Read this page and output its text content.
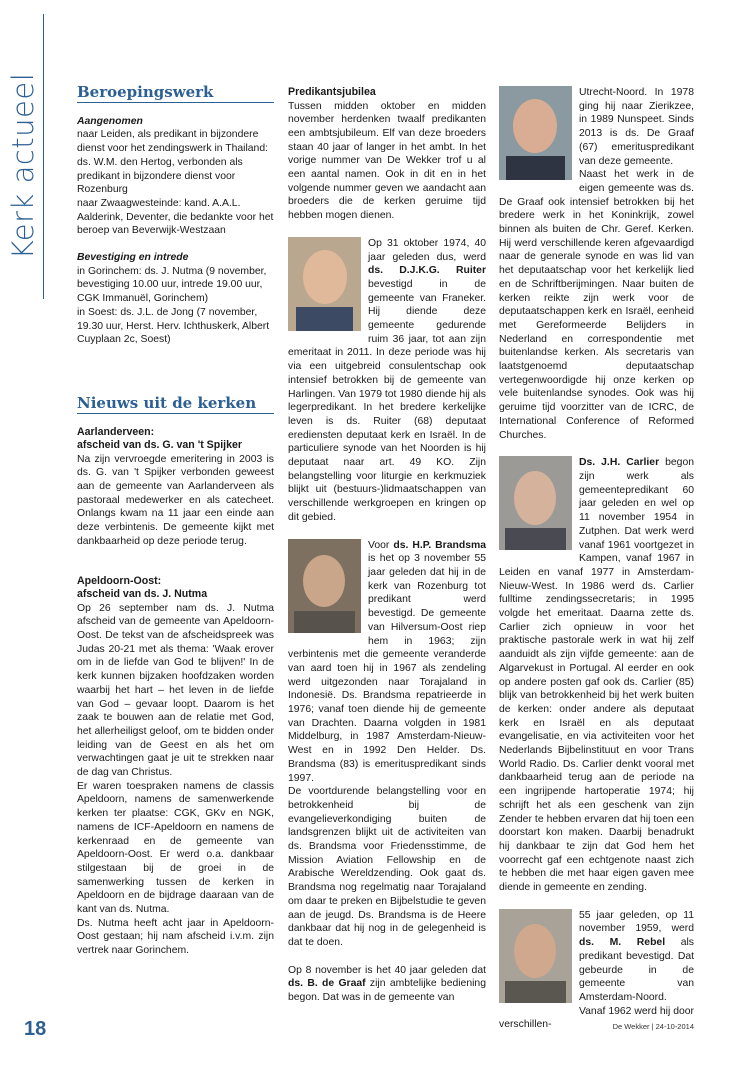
Kerk actueel Beroepingswerk

Aangenomen

naar Leiden, als predikant in bijzondere dienst voor het zendingswerk in Thailand: ds. W.M. den Hertog, verbonden als predikant in bijzondere dienst voor Rozenburg

naar Zwaagwesteinde: kand. A.A.L. Aalderink, Deventer, die bedankte voor het beroep van Beverwijk-Westzaan

Bevestiging en intrede

in Gorinchem: ds. J. Nutma (9 november, bevestiging 10.00 uur, intrede 19.00 uur, CGK Immanuël, Gorinchem)

in Soest: ds. J.L. de Jong (7 november, 19.30 uur, Herst. Herv. Ichthuskerk, Albert Cuyplaan 2c, Soest)

Nieuws uit de kerken

Aarlanderveen:

afscheid van ds. G. van 't Spijker

Na zijn vervroegde emeritering in 2003 is ds. G. van 't Spijker verbonden geweest aan de gemeente van Aarlanderveen als pastoraal medewerker en als catecheet. Onlangs kwam na 11 jaar een einde aan deze verbintenis. De gemeente kijkt met dankbaarheid op deze periode terug.

Apeldoorn-Oost:

afscheid van ds. J. Nutma

Op 26 september nam ds. J. Nutma afscheid van de gemeente van Apeldoorn-Oost. De tekst van de afscheidspreek was Judas 20-21 met als thema: 'Waak erover om in de liefde van God te blijven!' In de kerk kunnen bijzaken hoofdzaken worden waarbij het hart – het leven in de liefde van God – gevaar loopt. Daarom is het zaak te bouwen aan de relatie met God, het allerheiligst geloof, om te bidden onder leiding van de Geest en als het om verwachtingen gaat je uit te strekken naar de dag van Christus.

Er waren toespraken namens de classis Apeldoorn, namens de samenwerkende kerken ter plaatse: CGK, GKv en NGK, namens de ICF-Apeldoorn en namens de kerkenraad en de gemeente van Apeldoorn-Oost. Er werd o.a. dankbaar stilgestaan bij de groei in de samenwerking tussen de kerken in Apeldoorn en de bijdrage daaraan van de kant van ds. Nutma.

Ds. Nutma heeft acht jaar in Apeldoorn-Oost gestaan; hij nam afscheid i.v.m. zijn vertrek naar Gorinchem.

Predikantsjubilea

Tussen midden oktober en midden november herdenken twaalf predikanten een ambtsjubileum. Elf van deze broeders staan 40 jaar of langer in het ambt. In het vorige nummer van De Wekker trof u al een aantal namen. Ook in dit en in het volgende nummer geven we aandacht aan broeders die de kerken geruime tijd hebben mogen dienen.

Op 31 oktober 1974, 40 jaar geleden dus, werd ds. D.J.K.G. Ruiter bevestigd in de gemeente van Franeker. Hij diende deze gemeente gedurende ruim 36 jaar, tot aan zijn emeritaat in 2011. In deze periode was hij via een uitgebreid consulentschap ook intensief betrokken bij de gemeente van Harlingen. Van 1979 tot 1980 diende hij als legerpredikant. In het bredere kerkelijke leven is ds. Ruiter (68) deputaat erediensten deputaat kerk en Israël. In de particuliere synode van het Noorden is hij deputaat naar art. 49 KO. Zijn belangstelling voor liturgie en kerkmuziek blijkt uit (bestuurs-)lidmaatschappen van verschillende werkgroepen en kringen op dit gebied.

Voor ds. H.P. Brandsma is het op 3 november 55 jaar geleden dat hij in de kerk van Rozenburg tot predikant werd bevestigd. De gemeente van Hilversum-Oost riep hem in 1963; zijn verbintenis met die gemeente veranderde van aard toen hij in 1967 als zendeling werd uitgezonden naar Torajaland in Indonesië. Ds. Brandsma repatrieerde in 1976; vanaf toen diende hij de gemeente van Drachten. Daarna volgden in 1981 Middelburg, in 1987 Amsterdam-Nieuw-West en in 1992 Den Helder. Ds. Brandsma (83) is emerituspredikant sinds 1997.

De voortdurende belangstelling voor en betrokkenheid bij de evangelieverkondiging buiten de landsgrenzen blijkt uit de activiteiten van ds. Brandsma voor Friedensstimme, de Mission Aviation Fellowship en de Arabische Wereldzending. Ook gaat ds. Brandsma nog regelmatig naar Torajaland om daar te preken en Bijbelstudie te geven aan de jeugd. Ds. Brandsma is de Heere dankbaar dat hij nog in de gelegenheid is dat te doen.

Op 8 november is het 40 jaar geleden dat ds. B. de Graaf zijn ambtelijke bediening begon. Dat was in de gemeente van

Utrecht-Noord. In 1978 ging hij naar Zierikzee, in 1989 Nunspeet. Sinds 2013 is ds. De Graaf (67) emerituspredikant van deze gemeente.

Naast het werk in de eigen gemeente was ds. De Graaf ook intensief betrokken bij het bredere werk in het Koninkrijk, zowel binnen als buiten de Chr. Geref. Kerken. Hij werd verschillende keren afgevaardigd naar de generale synode en was lid van het deputaatschap voor het kerkelijk lied en de Schriftberijmingen. Naar buiten de kerken reikte zijn werk voor de deputaatschappen kerk en Israël, eenheid met Gereformeerde Belijders in Nederland en correspondentie met buitenlandse kerken. Als secretaris van laatstgenoemd deputaatschap vertegenwoordigde hij onze kerken op vele buitenlandse synodes. Ook was hij geruime tijd voorzitter van de ICRC, de International Conference of Reformed Churches.

Ds. J.H. Carlier begon zijn werk als gemeentepredikant 60 jaar geleden en wel op 11 november 1954 in Zutphen. Dat werk werd vanaf 1961 voortgezet in Kampen, vanaf 1967 in Leiden en vanaf 1977 in Amsterdam-Nieuw-West. In 1986 werd ds. Carlier fulltime zendingssecretaris; in 1995 volgde het emeritaat. Daarna zette ds. Carlier zich opnieuw in voor het praktische pastorale werk in wat hij zelf aanduidt als zijn vijfde gemeente: aan de Algarvekust in Portugal. Al eerder en ook op andere posten gaf ook ds. Carlier (85) blijk van betrokkenheid bij het werk buiten de kerken: onder andere als deputaat kerk en Israël en als deputaat evangelisatie, en via activiteiten voor het Nederlands Bijbelinstituut en voor Trans World Radio. Ds. Carlier denkt vooral met dankbaarheid terug aan de periode na een ingrijpende hartoperatie 1974; hij schrijft het als een geschenk van zijn Zender te hebben ervaren dat hij toen een doorstart kon maken. Daarbij benadrukt hij dankbaar te zijn dat God hem het voorrecht gaf een echtgenote naast zich te hebben die met haar eigen gaven mee diende in gemeente en zending.

55 jaar geleden, op 11 november 1959, werd ds. M. Rebel als predikant bevestigd. Dat gebeurde in de gemeente van Amsterdam-Noord. Vanaf 1962 werd hij door verschillen-

18	De Wekker | 24-10-2014
